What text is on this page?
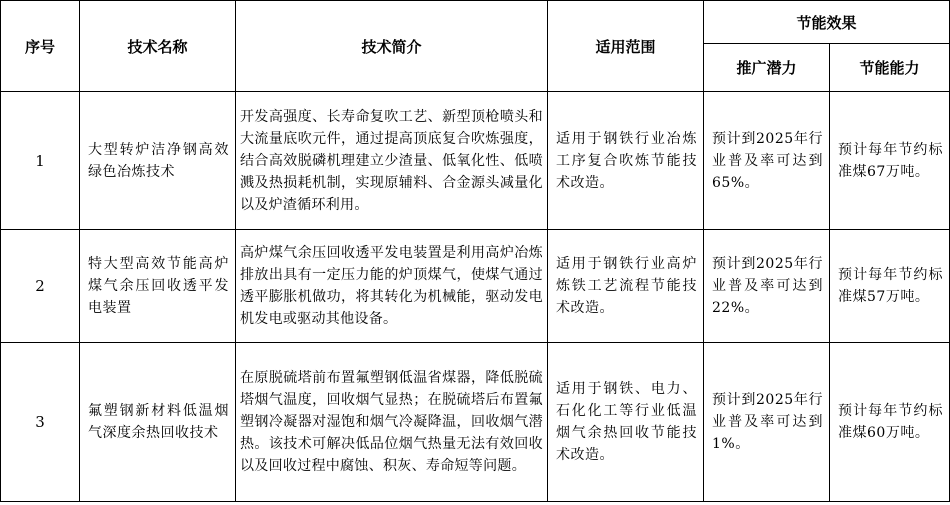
序号	技术名称	技术简介	适用范围	节能效果	
				推广潜力	节能能力
1	大型转炉洁净钢高效绿色冶炼技术	开发高强度、长寿命复吹工艺、新型顶枪喷头和大流量底吹元件，通过提高顶底复合吹炼强度，结合高效脱磷机理建立少渣量、低氧化性、低喷溅及热损耗机制，实现原辅料、合金源头减量化以及炉渣循环利用。	适用于钢铁行业冶炼工序复合吹炼节能技术改造。	预计到2025年行业普及率可达到65%。	预计每年节约标准煤67万吨。
2	特大型高效节能高炉煤气余压回收透平发电装置	高炉煤气余压回收透平发电装置是利用高炉冶炼排放出具有一定压力能的炉顶煤气，使煤气通过透平膨胀机做功，将其转化为机械能，驱动发电机发电或驱动其他设备。	适用于钢铁行业高炉炼铁工艺流程节能技术改造。	预计到2025年行业普及率可达到22%。	预计每年节约标准煤57万吨。
3	氟塑钢新材料低温烟气深度余热回收技术	在原脱硫塔前布置氟塑钢低温省煤器，降低脱硫塔烟气温度，回收烟气显热；在脱硫塔后布置氟塑钢冷凝器对湿饱和烟气冷凝降温，回收烟气潜热。该技术可解决低品位烟气热量无法有效回收以及回收过程中腐蚀、积灰、寿命短等问题。	适用于钢铁、电力、石化化工等行业低温烟气余热回收节能技术改造。	预计到2025年行业普及率可达到1%。	预计每年节约标准煤60万吨。
